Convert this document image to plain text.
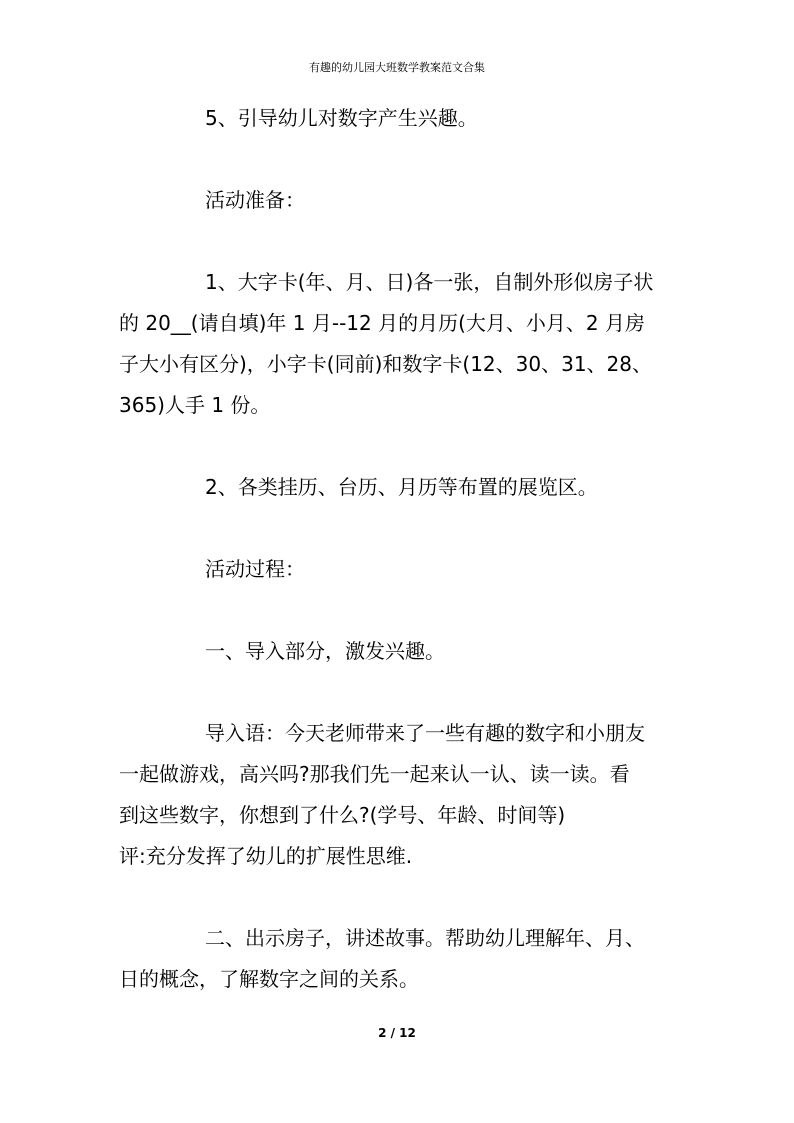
有趣的幼儿园大班数学教案范文合集

5、引导幼儿对数字产生兴趣。

活动准备：

1、大字卡(年、月、日)各一张，自制外形似房子状
的 20__(请自填)年 1 月--12 月的月历(大月、小月、2 月房
子大小有区分)，小字卡(同前)和数字卡(12、30、31、28、
365)人手 1 份。

2、各类挂历、台历、月历等布置的展览区。

活动过程：

一、导入部分，激发兴趣。

导入语：今天老师带来了一些有趣的数字和小朋友
一起做游戏，高兴吗?那我们先一起来认一认、读一读。看
到这些数字，你想到了什么?(学号、年龄、时间等)
评:充分发挥了幼儿的扩展性思维.
二、出示房子，讲述故事。帮助幼儿理解年、月、
日的概念，了解数字之间的关系。
2 / 12
